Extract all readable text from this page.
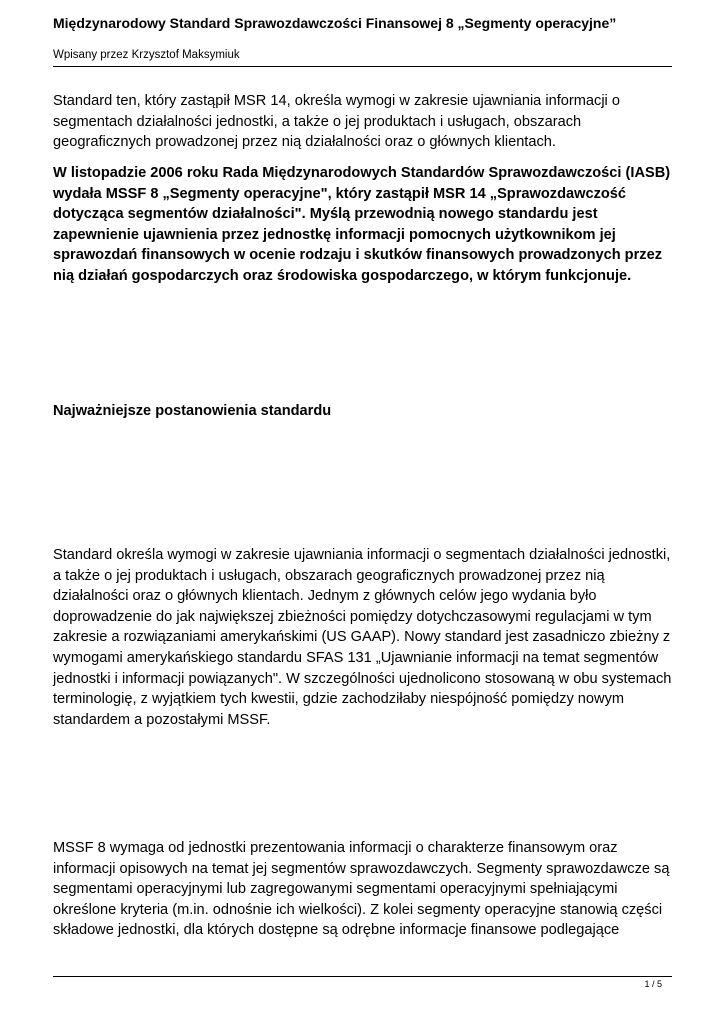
Międzynarodowy Standard Sprawozdawczości Finansowej 8 „Segmenty operacyjne”
Wpisany przez Krzysztof Maksymiuk

Standard ten, który zastąpił MSR 14, określa wymogi w zakresie ujawniania informacji o segmentach działalności jednostki, a także o jej produktach i usługach, obszarach geograficznych prowadzonej przez nią działalności oraz o głównych klientach.

W listopadzie 2006 roku Rada Międzynarodowych Standardów Sprawozdawczości (IASB) wydała MSSF 8 „Segmenty operacyjne", który zastąpił MSR 14 „Sprawozdawczość dotycząca segmentów działalności". Myślą przewodnią nowego standardu jest zapewnienie ujawnienia przez jednostkę informacji pomocnych użytkownikom jej sprawozdań finansowych w ocenie rodzaju i skutków finansowych prowadzonych przez nią działań gospodarczych oraz środowiska gospodarczego, w którym funkcjonuje.

Najważniejsze postanowienia standardu

Standard określa wymogi w zakresie ujawniania informacji o segmentach działalności jednostki, a także o jej produktach i usługach, obszarach geograficznych prowadzonej przez nią działalności oraz o głównych klientach. Jednym z głównych celów jego wydania było doprowadzenie do jak największej zbieżności pomiędzy dotychczasowymi regulacjami w tym zakresie a rozwiązaniami amerykańskimi (US GAAP). Nowy standard jest zasadniczo zbieżny z wymogami amerykańskiego standardu SFAS 131 „Ujawnianie informacji na temat segmentów jednostki i informacji powiązanych". W szczególności ujednolicono stosowaną w obu systemach terminologię, z wyjątkiem tych kwestii, gdzie zachodziłaby niespójność pomiędzy nowym standardem a pozostałymi MSSF.

MSSF 8 wymaga od jednostki prezentowania informacji o charakterze finansowym oraz informacji opisowych na temat jej segmentów sprawozdawczych. Segmenty sprawozdawcze są segmentami operacyjnymi lub zagregowanymi segmentami operacyjnymi spełniającymi określone kryteria (m.in. odnośnie ich wielkości). Z kolei segmenty operacyjne stanowią części składowe jednostki, dla których dostępne są odrębne informacje finansowe podlegające

1 / 5
